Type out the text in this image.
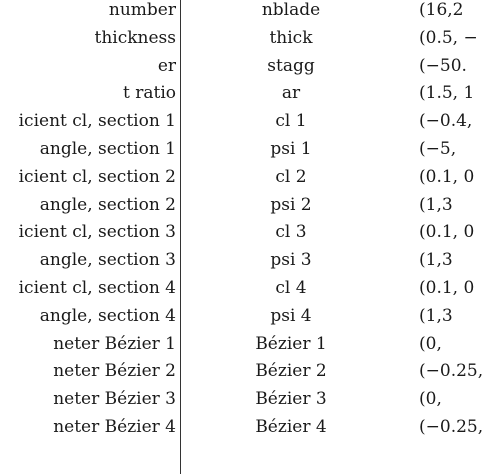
number	nblade	(16,2
thickness	thick	(0.5, −
er	stagg	(−50.
t ratio	ar	(1.5, 1
icient cl, section 1	cl 1	(−0.4,
angle, section 1	psi 1	(−5,
icient cl, section 2	cl 2	(0.1, 0
angle, section 2	psi 2	(1,3
icient cl, section 3	cl 3	(0.1, 0
angle, section 3	psi 3	(1,3
icient cl, section 4	cl 4	(0.1, 0
angle, section 4	psi 4	(1,3
neter Bézier 1	Bézier 1	(0,
neter Bézier 2	Bézier 2	(−0.25,
neter Bézier 3	Bézier 3	(0,
neter Bézier 4	Bézier 4	(−0.25,
